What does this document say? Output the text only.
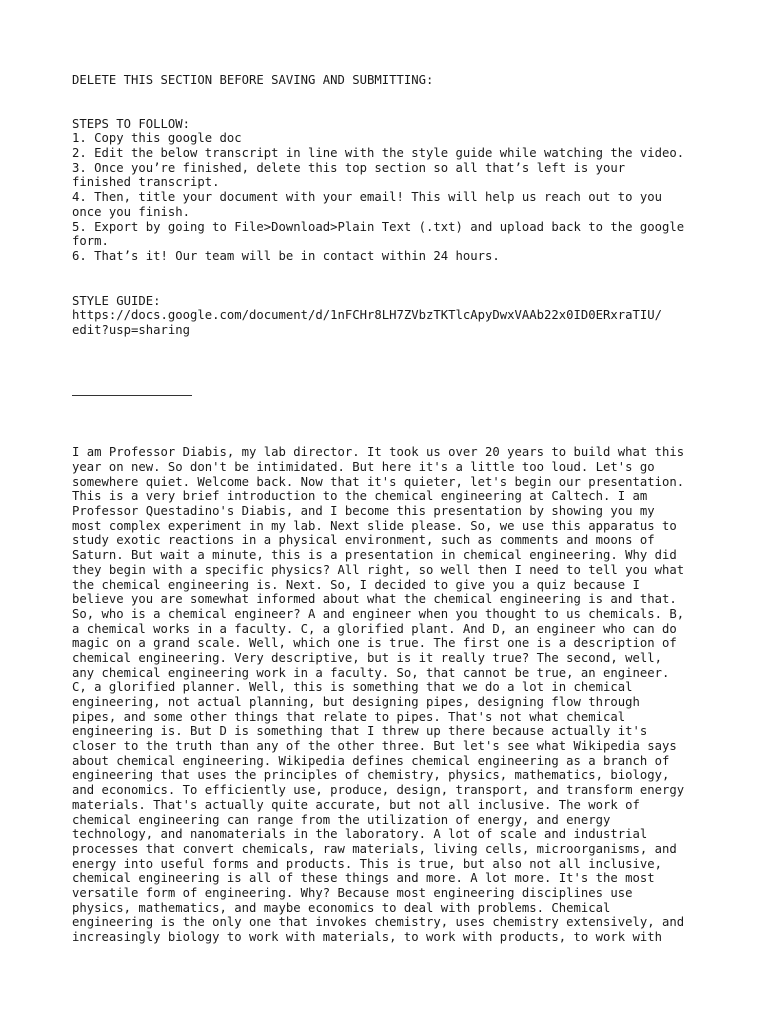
DELETE THIS SECTION BEFORE SAVING AND SUBMITTING:
STEPS TO FOLLOW:
1. Copy this google doc
2. Edit the below transcript in line with the style guide while watching the video.
3. Once you’re finished, delete this top section so all that’s left is your
finished transcript.
4. Then, title your document with your email! This will help us reach out to you
once you finish.
5. Export by going to File>Download>Plain Text (.txt) and upload back to the google
form.
6. That’s it! Our team will be in contact within 24 hours.
STYLE GUIDE:
https://docs.google.com/document/d/1nFCHr8LH7ZVbzTKTlcApyDwxVAAb22x0ID0ERxraTIU/
edit?usp=sharing
I am Professor Diabis, my lab director. It took us over 20 years to build what this
year on new. So don't be intimidated. But here it's a little too loud. Let's go
somewhere quiet. Welcome back. Now that it's quieter, let's begin our presentation.
This is a very brief introduction to the chemical engineering at Caltech. I am
Professor Questadino's Diabis, and I become this presentation by showing you my
most complex experiment in my lab. Next slide please. So, we use this apparatus to
study exotic reactions in a physical environment, such as comments and moons of
Saturn. But wait a minute, this is a presentation in chemical engineering. Why did
they begin with a specific physics? All right, so well then I need to tell you what
the chemical engineering is. Next. So, I decided to give you a quiz because I
believe you are somewhat informed about what the chemical engineering is and that.
So, who is a chemical engineer? A and engineer when you thought to us chemicals. B,
a chemical works in a faculty. C, a glorified plant. And D, an engineer who can do
magic on a grand scale. Well, which one is true. The first one is a description of
chemical engineering. Very descriptive, but is it really true? The second, well,
any chemical engineering work in a faculty. So, that cannot be true, an engineer.
C, a glorified planner. Well, this is something that we do a lot in chemical
engineering, not actual planning, but designing pipes, designing flow through
pipes, and some other things that relate to pipes. That's not what chemical
engineering is. But D is something that I threw up there because actually it's
closer to the truth than any of the other three. But let's see what Wikipedia says
about chemical engineering. Wikipedia defines chemical engineering as a branch of
engineering that uses the principles of chemistry, physics, mathematics, biology,
and economics. To efficiently use, produce, design, transport, and transform energy
materials. That's actually quite accurate, but not all inclusive. The work of
chemical engineering can range from the utilization of energy, and energy
technology, and nanomaterials in the laboratory. A lot of scale and industrial
processes that convert chemicals, raw materials, living cells, microorganisms, and
energy into useful forms and products. This is true, but also not all inclusive,
chemical engineering is all of these things and more. A lot more. It's the most
versatile form of engineering. Why? Because most engineering disciplines use
physics, mathematics, and maybe economics to deal with problems. Chemical
engineering is the only one that invokes chemistry, uses chemistry extensively, and
increasingly biology to work with materials, to work with products, to work with
